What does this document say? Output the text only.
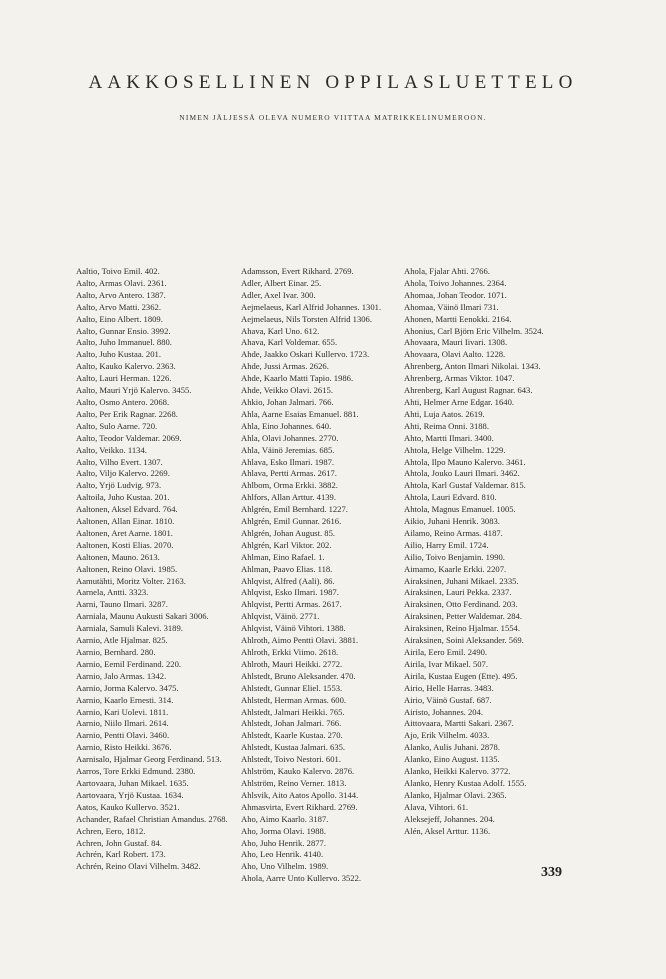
AAKKOSELLINEN OPPILASLUETTELO
NIMEN JÄLJESSÄ OLEVA NUMERO VIITTAA MATRIKKELINUMEROON.
Aaltio, Toivo Emil. 402.
Aalto, Armas Olavi. 2361.
Aalto, Arvo Antero. 1387.
Aalto, Arvo Matti. 2362.
Aalto, Eino Albert. 1809.
Aalto, Gunnar Ensio. 3992.
Aalto, Juho Immanuel. 880.
Aalto, Juho Kustaa. 201.
Aalto, Kauko Kalervo. 2363.
Aalto, Lauri Herman. 1226.
Aalto, Mauri Yrjö Kalervo. 3455.
Aalto, Osmo Antero. 2068.
Aalto, Per Erik Ragnar. 2268.
Aalto, Sulo Aarne. 720.
Aalto, Teodor Valdemar. 2069.
Aalto, Veikko. 1134.
Aalto, Vilho Evert. 1307.
Aalto, Viljo Kalervo. 2269.
Aalto, Yrjö Ludvig. 973.
Aaltoila, Juho Kustaa. 201.
Aaltonen, Aksel Edvard. 764.
Aaltonen, Allan Einar. 1810.
Aaltonen, Aret Aarne. 1801.
Aaltonen, Kosti Elias. 2070.
Aaltonen, Mauno. 2613.
Aaltonen, Reino Olavi. 1985.
Aamutähti, Moritz Volter. 2163.
Aarnela, Antti. 3323.
Aarni, Tauno Ilmari. 3287.
Aarniala, Maunu Aukusti Sakari 3006.
Aarniala, Samuli Kalevi. 3189.
Aarnio, Atle Hjalmar. 825.
Aarnio, Bernhard. 280.
Aarnio, Eemil Ferdinand. 220.
Aarnio, Jalo Armas. 1342.
Aarnio, Jorma Kalervo. 3475.
Aarnio, Kaarlo Ernesti. 314.
Aarnio, Kari Uolevi. 1811.
Aarnio, Niilo Ilmari. 2614.
Aarnio, Pentti Olavi. 3460.
Aarnio, Risto Heikki. 3676.
Aarnisalo, Hjalmar Georg Ferdinand. 513.
Aarros, Tore Erkki Edmund. 2380.
Aartovaara, Juhan Mikael. 1635.
Aartovaara, Yrjö Kustaa. 1634.
Aatos, Kauko Kullervo. 3521.
Achander, Rafael Christian Amandus. 2768.
Achren, Eero, 1812.
Achren, John Gustaf. 84.
Achrén, Karl Robert. 173.
Achrén, Reino Olavi Vilhelm. 3482.
Adamsson, Evert Rikhard. 2769.
Adler, Albert Einar. 25.
Adler, Axel Ivar. 300.
Aejmelaeus, Karl Alfrid Johannes. 1301.
Aejmelaeus, Nils Torsten Alfrid 1306.
Ahava, Karl Uno. 612.
Ahava, Karl Voldemar. 655.
Ahde, Jaakko Oskari Kullervo. 1723.
Ahde, Jussi Armas. 2626.
Ahde, Kaarlo Matti Tapio. 1986.
Ahde, Veikko Olavi. 2615.
Ahkio, Johan Jalmari. 766.
Ahla, Aarne Esaias Emanuel. 881.
Ahla, Eino Johannes. 640.
Ahla, Olavi Johannes. 2770.
Ahla, Väinö Jeremias. 685.
Ahlava, Esko Ilmari. 1987.
Ahlava, Pertti Armas. 2617.
Ahlbom, Orma Erkki. 3882.
Ahlfors, Allan Arttur. 4139.
Ahlgrén, Emil Bernhard. 1227.
Ahlgrén, Emil Gunnar. 2616.
Ahlgrén, Johan August. 85.
Ahlgrén, Karl Viktor. 202.
Ahlman, Eino Rafael. 1.
Ahlman, Paavo Elias. 118.
Ahlqvist, Alfred (Aali). 86.
Ahlqvist, Esko Ilmari. 1987.
Ahlqvist, Pertti Armas. 2617.
Ahlqvist, Väinö. 2771.
Ahlqvist, Väinö Vihtori. 1388.
Ahlroth, Aimo Pentti Olavi. 3881.
Ahlroth, Erkki Viimo. 2618.
Ahlroth, Mauri Heikki. 2772.
Ahlstedt, Bruno Aleksander. 470.
Ahlstedt, Gunnar Eliel. 1553.
Ahlstedt, Herman Armas. 600.
Ahlstedt, Jalmari Heikki. 765.
Ahlstedt, Johan Jalmari. 766.
Ahlstedt, Kaarle Kustaa. 270.
Ahlstedt, Kustaa Jalmari. 635.
Ahlstedt, Toivo Nestori. 601.
Ahlström, Kauko Kalervo. 2876.
Ahlström, Reino Verner. 1813.
Ahlsvik, Aito Aatos Apollo. 3144.
Ahmasvirta, Evert Rikhard. 2769.
Aho, Aimo Kaarlo. 3187.
Aho, Jorma Olavi. 1988.
Aho, Juho Henrik. 2877.
Aho, Leo Henrik. 4140.
Aho, Uno Vilhelm. 1989.
Ahola, Aarre Unto Kullervo. 3522.
Ahola, Fjalar Ahti. 2766.
Ahola, Toivo Johannes. 2364.
Ahomaa, Johan Teodor. 1071.
Ahomaa, Väinö Ilmari 731.
Ahonen, Martti Eenokki. 2164.
Ahonius, Carl Björn Eric Vilhelm. 3524.
Ahovaara, Mauri Iivari. 1308.
Ahovaara, Olavi Aalto. 1228.
Ahrenberg, Anton Ilmari Nikolai. 1343.
Ahrenberg, Armas Viktor. 1047.
Ahrenberg, Karl August Ragnar. 643.
Ahti, Helmer Arne Edgar. 1640.
Ahti, Luja Aatos. 2619.
Ahti, Reima Onni. 3188.
Ahto, Martti Ilmari. 3400.
Ahtola, Helge Vilhelm. 1229.
Ahtola, Ilpo Mauno Kalervo. 3461.
Ahtola, Jouko Lauri Ilmari. 3462.
Ahtola, Karl Gustaf Valdemar. 815.
Ahtola, Lauri Edvard. 810.
Ahtola, Magnus Emanuel. 1005.
Aikio, Juhani Henrik. 3083.
Ailamo, Reino Armas. 4187.
Ailio, Harry Emil. 1724.
Ailio, Toivo Benjamin. 1990.
Aimamo, Kaarle Erkki. 2207.
Airaksinen, Juhani Mikael. 2335.
Airaksinen, Lauri Pekka. 2337.
Airaksinen, Otto Ferdinand. 203.
Airaksinen, Petter Waldemar. 284.
Airaksinen, Reino Hjalmar. 1554.
Airaksinen, Soini Aleksander. 569.
Airila, Eero Emil. 2490.
Airila, Ivar Mikael. 507.
Airila, Kustaa Eugen (Ette). 495.
Airio, Helle Harras. 3483.
Airio, Väinö Gustaf. 687.
Airisto, Johannes. 204.
Aittovaara, Martti Sakari. 2367.
Ajo, Erik Vilhelm. 4033.
Alanko, Aulis Juhani. 2878.
Alanko, Eino August. 1135.
Alanko, Heikki Kalervo. 3772.
Alanko, Henry Kustaa Adolf. 1555.
Alanko, Hjalmar Olavi. 2365.
Alava, Vihtori. 61.
Aleksejeff, Johannes. 204.
Alén, Aksel Arttur. 1136.
339
